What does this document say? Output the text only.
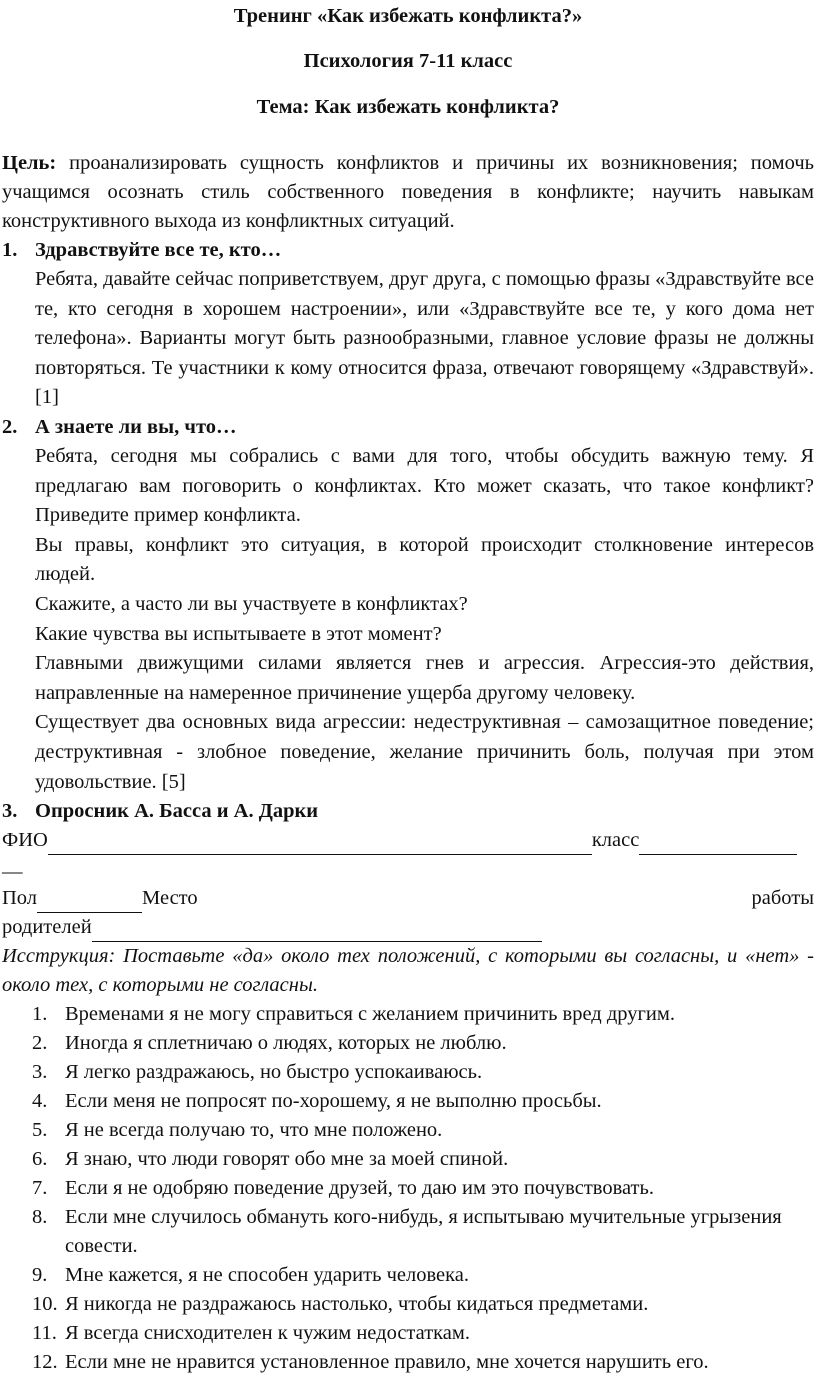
Тренинг «Как избежать конфликта?»
Психология 7-11 класс
Тема: Как избежать конфликта?
Цель: проанализировать сущность конфликтов и причины их возникновения; помочь учащимся осознать стиль собственного поведения в конфликте; научить навыкам конструктивного выхода из конфликтных ситуаций.
1. Здравствуйте все те, кто…
Ребята, давайте сейчас поприветствуем, друг друга, с помощью фразы «Здравствуйте все те, кто сегодня в хорошем настроении», или «Здравствуйте все те, у кого дома нет телефона». Варианты могут быть разнообразными, главное условие фразы не должны повторяться. Те участники к кому относится фраза, отвечают говорящему «Здравствуй».[1]
2. А знаете ли вы, что…
Ребята, сегодня мы собрались с вами для того, чтобы обсудить важную тему. Я предлагаю вам поговорить о конфликтах. Кто может сказать, что такое конфликт? Приведите пример конфликта.
Вы правы, конфликт это ситуация, в которой происходит столкновение интересов людей.
Скажите, а часто ли вы участвуете в конфликтах?
Какие чувства вы испытываете в этот момент?
Главными движущими силами является гнев и агрессия. Агрессия-это действия, направленные на намеренное причинение ущерба другому человеку.
Существует два основных вида агрессии: недеструктивная – самозащитное поведение; деструктивная - злобное поведение, желание причинить боль, получая при этом удовольствие. [5]
3. Опросник А. Басса и А. Дарки
ФИО	класс
__
Пол	Место	работы
родителей
Исструкция: Поставьте «да» около тех положений, с которыми вы согласны, и «нет» - около тех, с которыми не согласны.
1. Временами я не могу справиться с желанием причинить вред другим.
2. Иногда я сплетничаю о людях, которых не люблю.
3. Я легко раздражаюсь, но быстро успокаиваюсь.
4. Если меня не попросят по-хорошему, я не выполню просьбы.
5. Я не всегда получаю то, что мне положено.
6. Я знаю, что люди говорят обо мне за моей спиной.
7. Если я не одобряю поведение друзей, то даю им это почувствовать.
8. Если мне случилось обмануть кого-нибудь, я испытываю мучительные угрызения совести.
9. Мне кажется, я не способен ударить человека.
10. Я никогда не раздражаюсь настолько, чтобы кидаться предметами.
11. Я всегда снисходителен к чужим недостаткам.
12. Если мне не нравится установленное правило, мне хочется нарушить его.
